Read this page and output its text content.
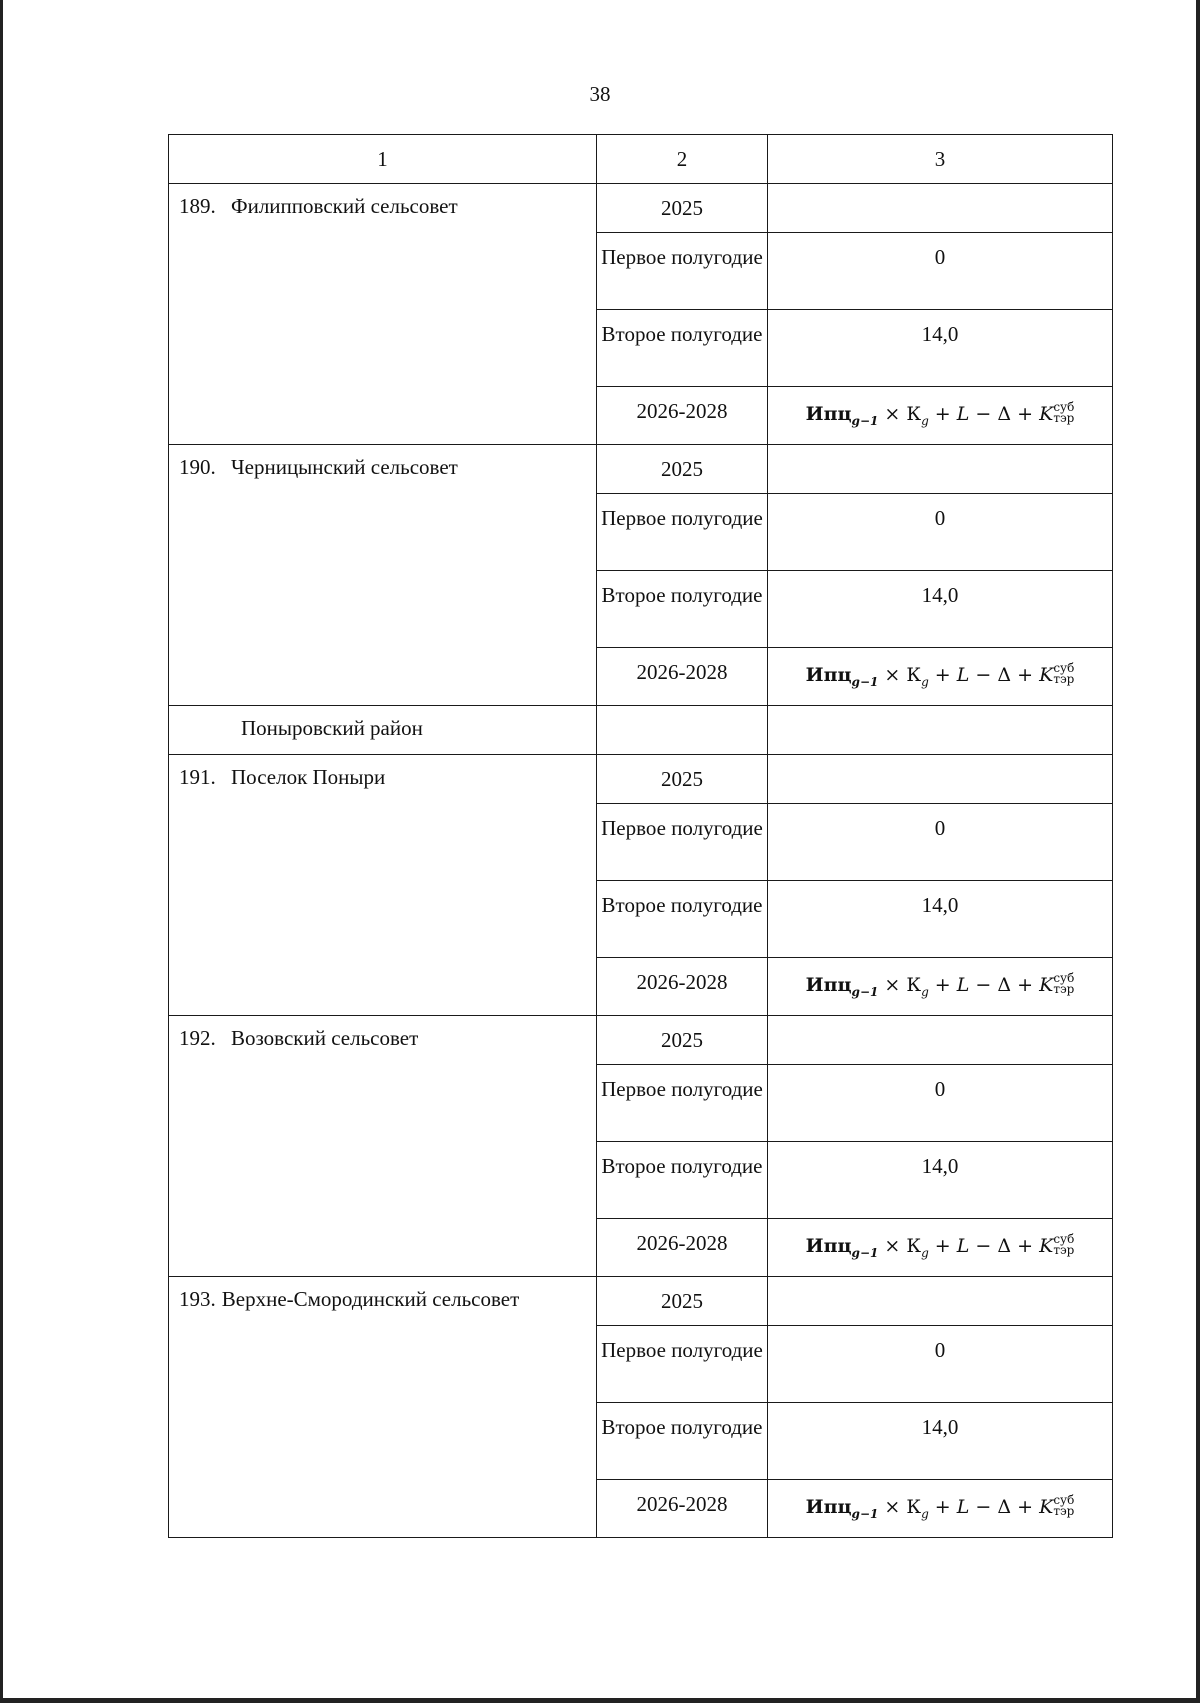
38
1	2	3

189. Филипповский сельсовет	2025	

	Первое полугодие	0

	Второе полугодие	14,0

	2026-2028	$Ипц_{g-1} \times К_g + L - \Delta + K$ суб
тэр

190. Черницынский сельсовет	2025	

	Первое полугодие	0

	Второе полугодие	14,0

	2026-2028	$Ипц_{g-1} \times К_g + L - \Delta + K$ суб
тэр

Поныровский район		

191. Поселок Поныри	2025	

	Первое полугодие	0

	Второе полугодие	14,0

	2026-2028	$Ипц_{g-1} \times К_g + L - \Delta + K$ суб
тэр

192. Возовский сельсовет	2025	

	Первое полугодие	0

	Второе полугодие	14,0

	2026-2028	$Ипц_{g-1} \times К_g + L - \Delta + K$ суб
тэр

193. Верхне-Смородинский сельсовет	2025	

	Первое полугодие	0

	Второе полугодие	14,0

	2026-2028	$Ипц_{g-1} \times К_g + L - \Delta + K$ суб
тэр
